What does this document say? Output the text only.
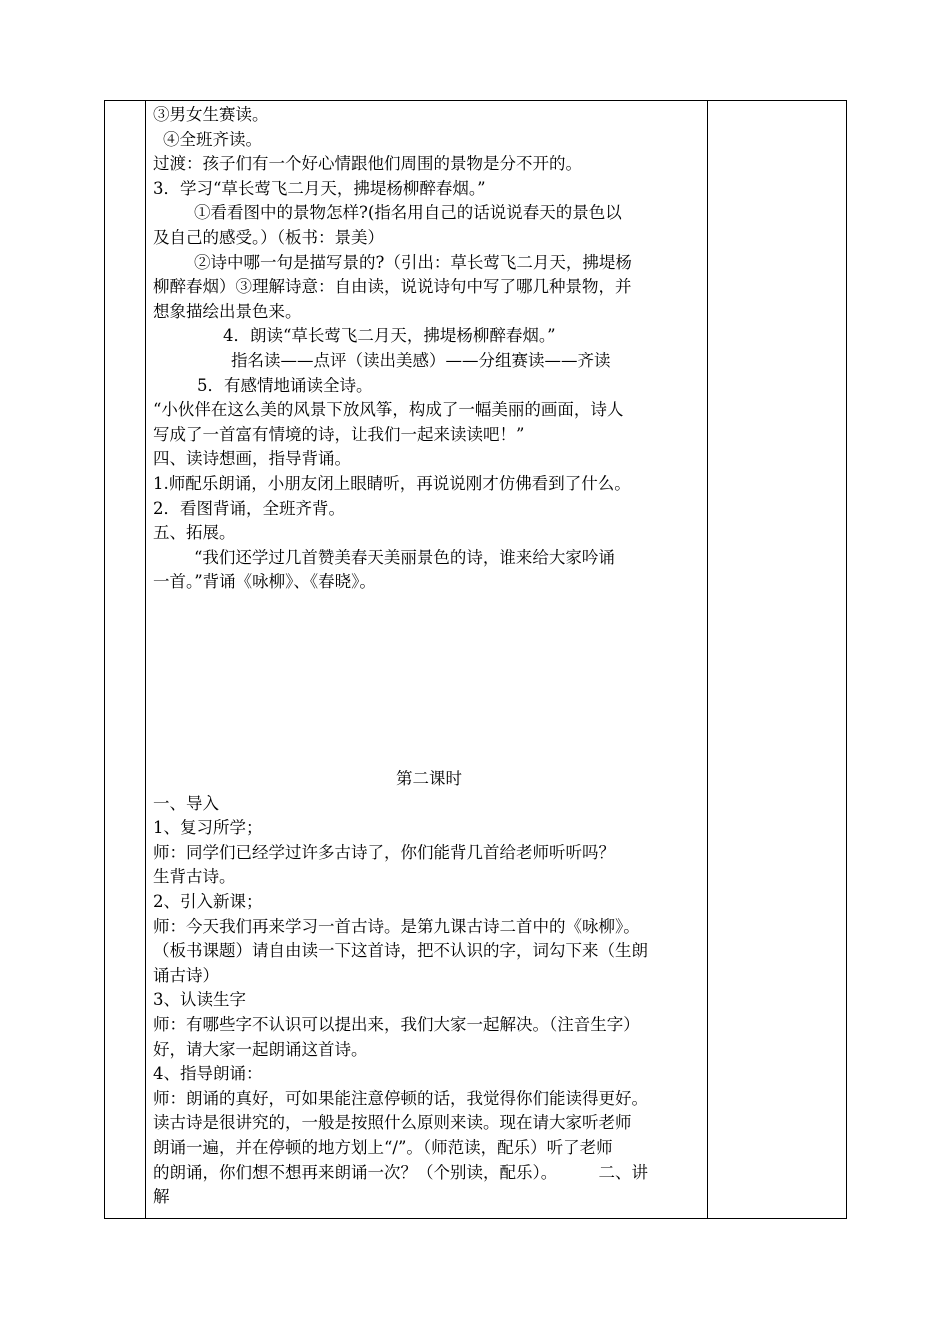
③男女生赛读。
④全班齐读。
过渡：孩子们有一个好心情跟他们周围的景物是分不开的。
3．学习“草长莺飞二月天，拂堤杨柳醉春烟。”
①看看图中的景物怎样?(指名用自己的话说说春天的景色以
及自己的感受。）（板书：景美）
②诗中哪一句是描写景的?（引出：草长莺飞二月天，拂堤杨
柳醉春烟）③理解诗意：自由读，说说诗句中写了哪几种景物，并
想象描绘出景色来。
4．朗读“草长莺飞二月天，拂堤杨柳醉春烟。”
指名读——点评（读出美感）——分组赛读——齐读
5．有感情地诵读全诗。
“小伙伴在这么美的风景下放风筝，构成了一幅美丽的画面，诗人
写成了一首富有情境的诗，让我们一起来读读吧！”
四、读诗想画，指导背诵。
1.师配乐朗诵，小朋友闭上眼睛听，再说说刚才仿佛看到了什么。
2．看图背诵，全班齐背。
五、拓展。
“我们还学过几首赞美春天美丽景色的诗，谁来给大家吟诵
一首。”背诵《咏柳》、《春晓》。
第二课时
一、导入
1、复习所学；
师：同学们已经学过许多古诗了，你们能背几首给老师听听吗？
生背古诗。
2、引入新课；
师：今天我们再来学习一首古诗。是第九课古诗二首中的《咏柳》。
（板书课题）请自由读一下这首诗，把不认识的字，词勾下来（生朗
诵古诗）
3、认读生字
师：有哪些字不认识可以提出来，我们大家一起解决。（注音生字）
好，请大家一起朗诵这首诗。
4、指导朗诵：
师：朗诵的真好，可如果能注意停顿的话，我觉得你们能读得更好。
读古诗是很讲究的，一般是按照什么原则来读。现在请大家听老师
朗诵一遍，并在停顿的地方划上“/”。（师范读，配乐）听了老师
的朗诵，你们想不想再来朗诵一次？（个别读，配乐）。　　　二、讲
解
